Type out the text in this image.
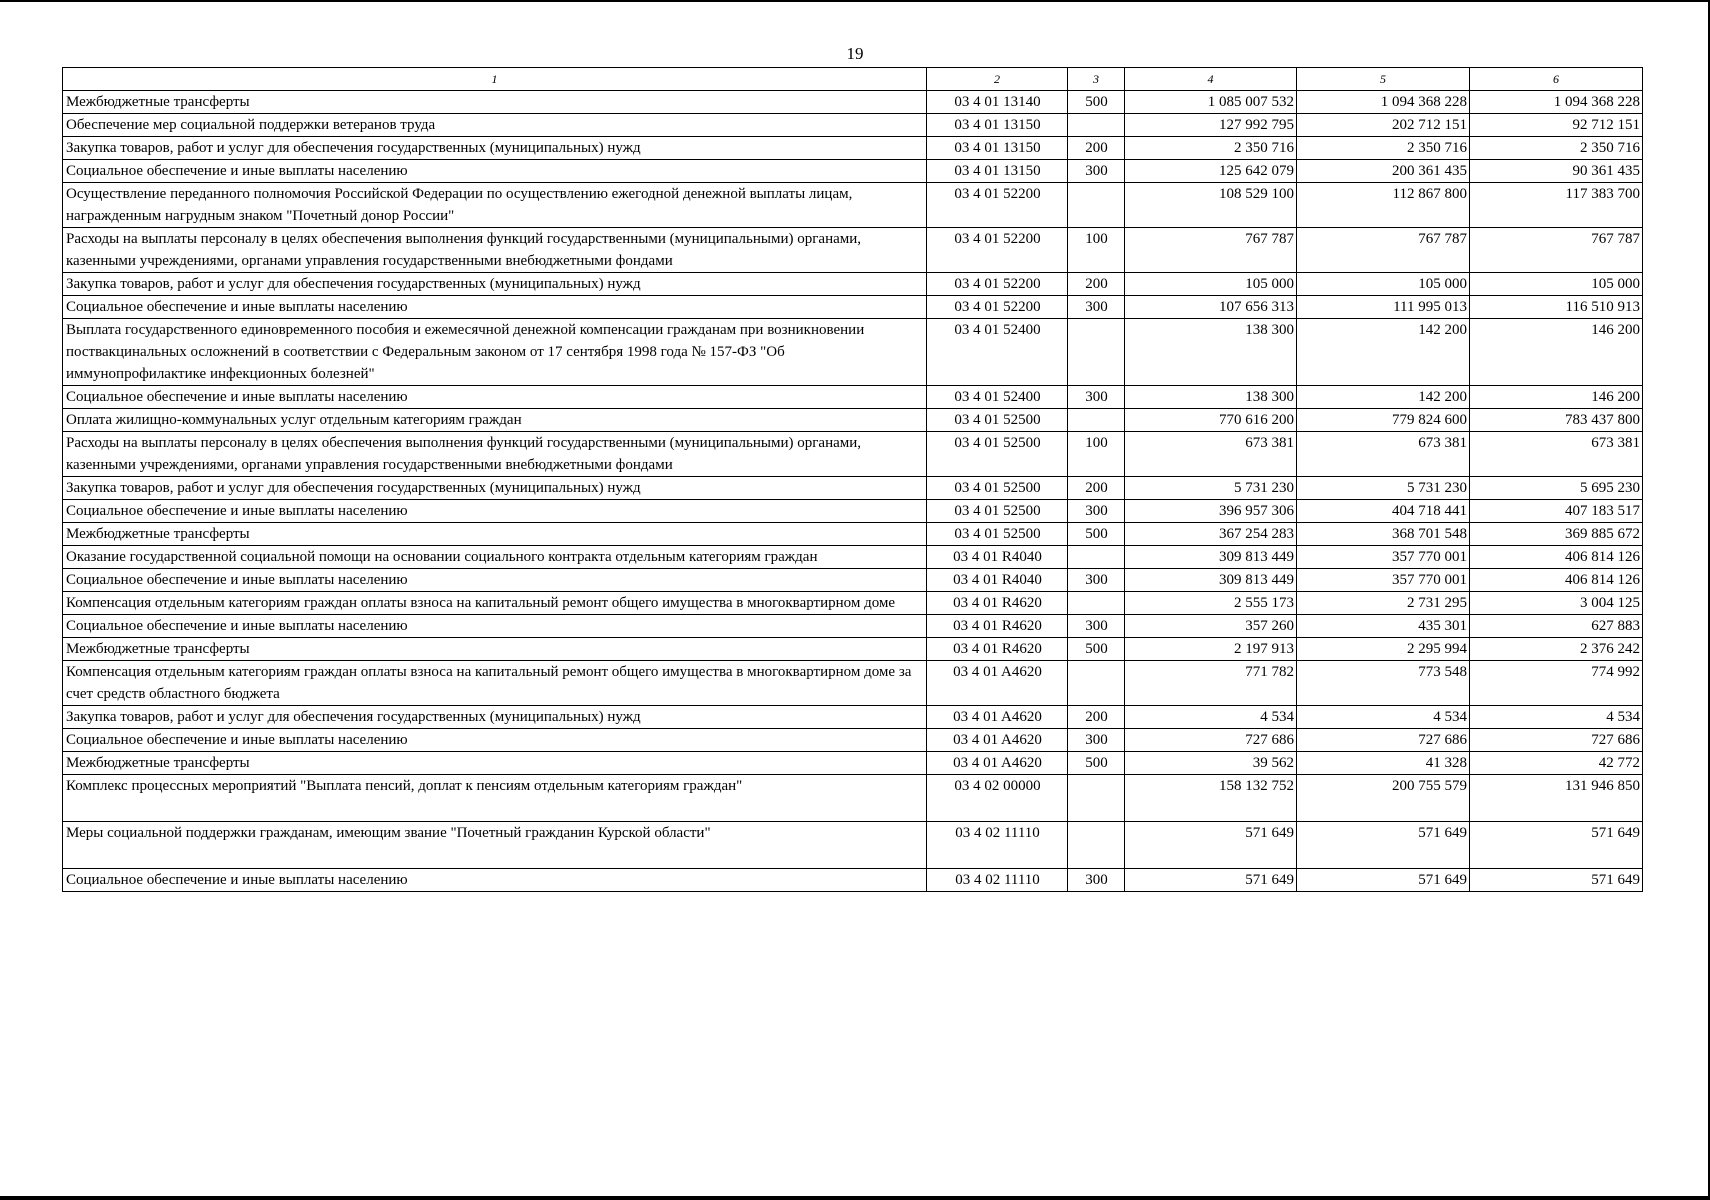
19
1	2	3	4	5	6
Межбюджетные трансферты	03 4 01 13140	500	1 085 007 532	1 094 368 228	1 094 368 228
Обеспечение мер социальной поддержки ветеранов труда	03 4 01 13150		127 992 795	202 712 151	92 712 151
Закупка товаров, работ и услуг для обеспечения государственных (муниципальных) нужд	03 4 01 13150	200	2 350 716	2 350 716	2 350 716
Социальное обеспечение и иные выплаты населению	03 4 01 13150	300	125 642 079	200 361 435	90 361 435
Осуществление переданного полномочия Российской Федерации по осуществлению ежегодной денежной выплаты лицам, награжденным нагрудным знаком "Почетный донор России"	03 4 01 52200		108 529 100	112 867 800	117 383 700
Расходы на выплаты персоналу в целях обеспечения выполнения функций государственными (муниципальными) органами, казенными учреждениями, органами управления государственными внебюджетными фондами	03 4 01 52200	100	767 787	767 787	767 787
Закупка товаров, работ и услуг для обеспечения государственных (муниципальных) нужд	03 4 01 52200	200	105 000	105 000	105 000
Социальное обеспечение и иные выплаты населению	03 4 01 52200	300	107 656 313	111 995 013	116 510 913
Выплата государственного единовременного пособия и ежемесячной денежной компенсации гражданам при возникновении поствакцинальных осложнений в соответствии с Федеральным законом от 17 сентября 1998 года № 157-ФЗ "Об иммунопрофилактике инфекционных болезней"	03 4 01 52400		138 300	142 200	146 200
Социальное обеспечение и иные выплаты населению	03 4 01 52400	300	138 300	142 200	146 200
Оплата жилищно-коммунальных услуг отдельным категориям граждан	03 4 01 52500		770 616 200	779 824 600	783 437 800
Расходы на выплаты персоналу в целях обеспечения выполнения функций государственными (муниципальными) органами, казенными учреждениями, органами управления государственными внебюджетными фондами	03 4 01 52500	100	673 381	673 381	673 381
Закупка товаров, работ и услуг для обеспечения государственных (муниципальных) нужд	03 4 01 52500	200	5 731 230	5 731 230	5 695 230
Социальное обеспечение и иные выплаты населению	03 4 01 52500	300	396 957 306	404 718 441	407 183 517
Межбюджетные трансферты	03 4 01 52500	500	367 254 283	368 701 548	369 885 672
Оказание государственной социальной помощи на основании социального контракта отдельным категориям граждан	03 4 01 R4040		309 813 449	357 770 001	406 814 126
Социальное обеспечение и иные выплаты населению	03 4 01 R4040	300	309 813 449	357 770 001	406 814 126
Компенсация отдельным категориям граждан оплаты взноса на капитальный ремонт общего имущества в многоквартирном доме	03 4 01 R4620		2 555 173	2 731 295	3 004 125
Социальное обеспечение и иные выплаты населению	03 4 01 R4620	300	357 260	435 301	627 883
Межбюджетные трансферты	03 4 01 R4620	500	2 197 913	2 295 994	2 376 242
Компенсация отдельным категориям граждан оплаты взноса на капитальный ремонт общего имущества в многоквартирном доме за счет средств областного бюджета	03 4 01 A4620		771 782	773 548	774 992
Закупка товаров, работ и услуг для обеспечения государственных (муниципальных) нужд	03 4 01 A4620	200	4 534	4 534	4 534
Социальное обеспечение и иные выплаты населению	03 4 01 A4620	300	727 686	727 686	727 686
Межбюджетные трансферты	03 4 01 A4620	500	39 562	41 328	42 772
Комплекс процессных мероприятий "Выплата пенсий, доплат к пенсиям отдельным категориям граждан"	03 4 02 00000		158 132 752	200 755 579	131 946 850
Меры социальной поддержки гражданам, имеющим звание "Почетный гражданин Курской области"	03 4 02 11110		571 649	571 649	571 649
Социальное обеспечение и иные выплаты населению	03 4 02 11110	300	571 649	571 649	571 649
